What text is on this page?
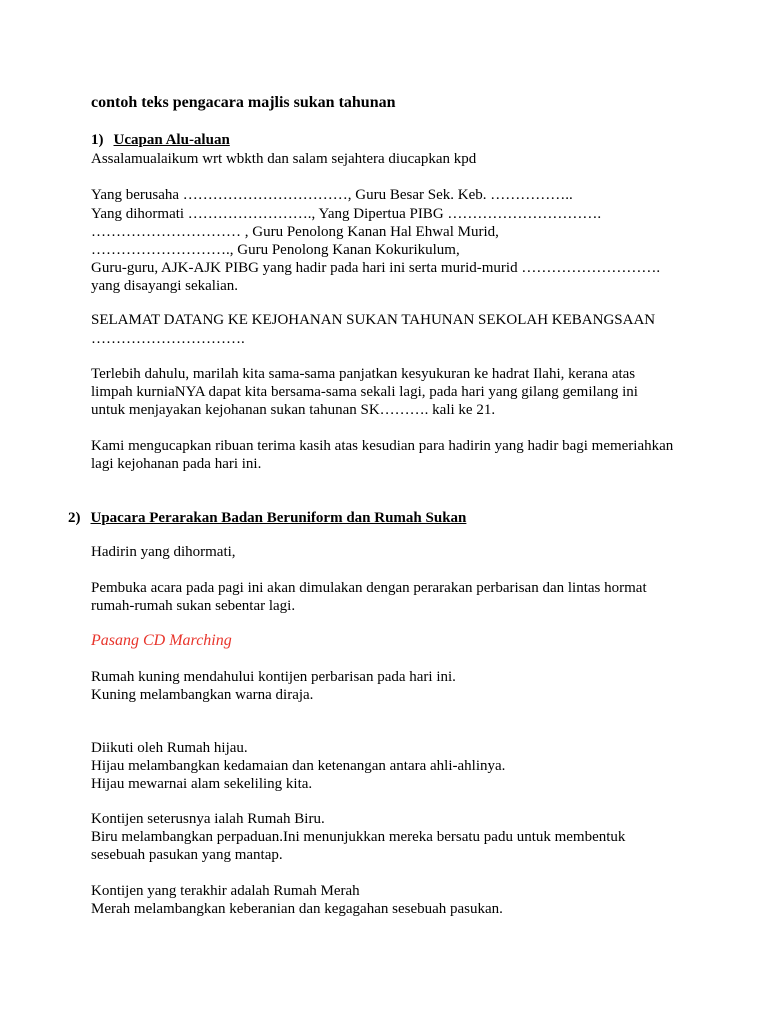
contoh teks pengacara majlis sukan tahunan
1) Ucapan Alu-aluan
Assalamualaikum wrt wbkth dan salam sejahtera diucapkan kpd
Yang berusaha ……………………………, Guru Besar Sek. Keb. ……………..
Yang dihormati ……………………., Yang Dipertua PIBG ………………………….
………………………… , Guru Penolong Kanan Hal Ehwal Murid,
………………………., Guru Penolong Kanan Kokurikulum,
Guru-guru, AJK-AJK PIBG yang hadir pada hari ini serta murid-murid ……………………….
yang disayangi sekalian.
SELAMAT DATANG KE KEJOHANAN SUKAN TAHUNAN SEKOLAH KEBANGSAAN
………………………….
Terlebih dahulu, marilah kita sama-sama panjatkan kesyukuran ke hadrat Ilahi, kerana atas
limpah kurniaNYA dapat kita bersama-sama sekali lagi, pada hari yang gilang gemilang ini
untuk menjayakan kejohanan sukan tahunan SK………. kali ke 21.
Kami mengucapkan ribuan terima kasih atas kesudian para hadirin yang hadir bagi memeriahkan
lagi kejohanan pada hari ini.
2) Upacara Perarakan Badan Beruniform dan Rumah Sukan
Hadirin yang dihormati,
Pembuka acara pada pagi ini akan dimulakan dengan perarakan perbarisan dan lintas hormat
rumah-rumah sukan sebentar lagi.
Pasang CD Marching
Rumah kuning mendahului kontijen perbarisan pada hari ini.
Kuning melambangkan warna diraja.
Diikuti oleh Rumah hijau.
Hijau melambangkan kedamaian dan ketenangan antara ahli-ahlinya.
Hijau mewarnai alam sekeliling kita.
Kontijen seterusnya ialah Rumah Biru.
Biru melambangkan perpaduan.Ini menunjukkan mereka bersatu padu untuk membentuk
sesebuah pasukan yang mantap.
Kontijen yang terakhir adalah Rumah Merah
Merah melambangkan keberanian dan kegagahan sesebuah pasukan.
